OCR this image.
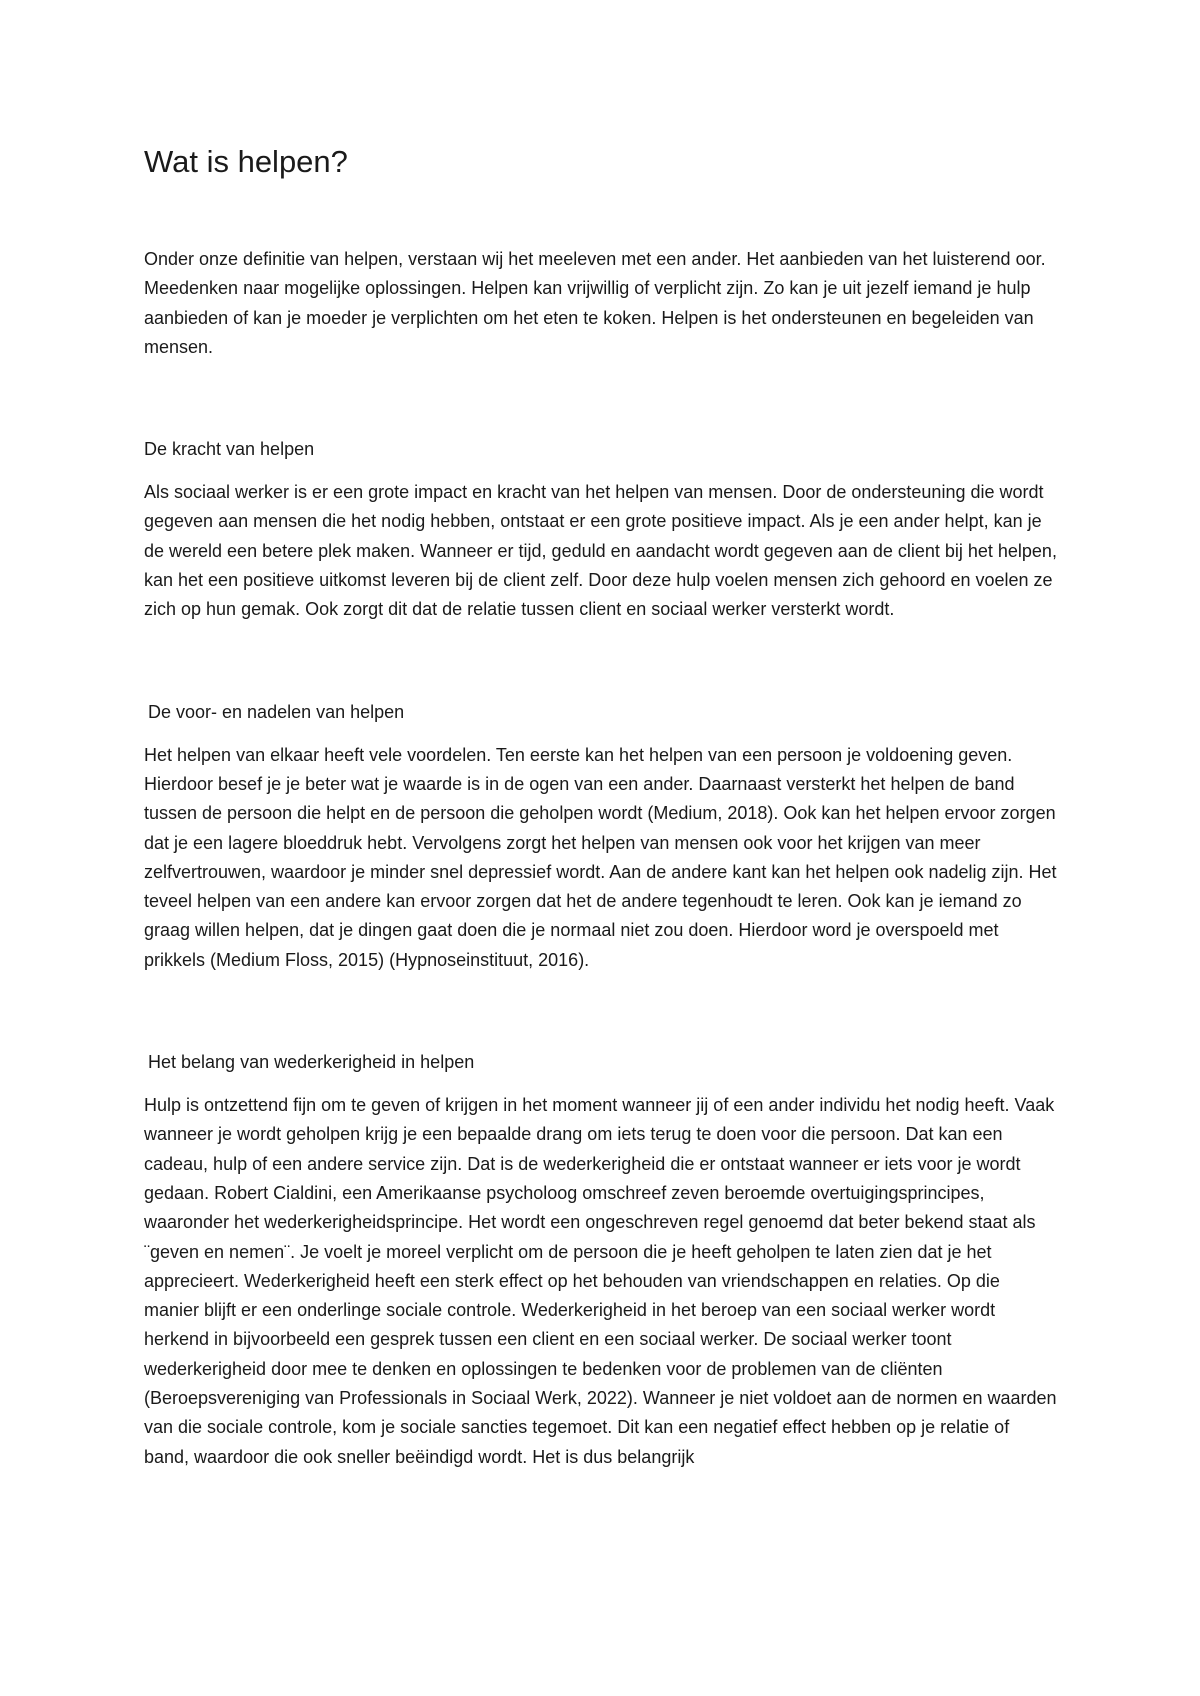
Wat is helpen?

Onder onze definitie van helpen, verstaan wij het meeleven met een ander. Het aanbieden van het luisterend oor. Meedenken naar mogelijke oplossingen. Helpen kan vrijwillig of verplicht zijn. Zo kan je uit jezelf iemand je hulp aanbieden of kan je moeder je verplichten om het eten te koken. Helpen is het ondersteunen en begeleiden van mensen.

De kracht van helpen

Als sociaal werker is er een grote impact en kracht van het helpen van mensen. Door de ondersteuning die wordt gegeven aan mensen die het nodig hebben, ontstaat er een grote positieve impact. Als je een ander helpt, kan je de wereld een betere plek maken. Wanneer er tijd, geduld en aandacht wordt gegeven aan de client bij het helpen, kan het een positieve uitkomst leveren bij de client zelf. Door deze hulp voelen mensen zich gehoord en voelen ze zich op hun gemak. Ook zorgt dit dat de relatie tussen client en sociaal werker versterkt wordt.

De voor- en nadelen van helpen

Het helpen van elkaar heeft vele voordelen. Ten eerste kan het helpen van een persoon je voldoening geven. Hierdoor besef je je beter wat je waarde is in de ogen van een ander. Daarnaast versterkt het helpen de band tussen de persoon die helpt en de persoon die geholpen wordt (Medium, 2018). Ook kan het helpen ervoor zorgen dat je een lagere bloeddruk hebt. Vervolgens zorgt het helpen van mensen ook voor het krijgen van meer zelfvertrouwen, waardoor je minder snel depressief wordt. Aan de andere kant kan het helpen ook nadelig zijn. Het teveel helpen van een andere kan ervoor zorgen dat het de andere tegenhoudt te leren. Ook kan je iemand zo graag willen helpen, dat je dingen gaat doen die je normaal niet zou doen. Hierdoor word je overspoeld met prikkels (Medium Floss, 2015) (Hypnoseinstituut, 2016).

Het belang van wederkerigheid in helpen

Hulp is ontzettend fijn om te geven of krijgen in het moment wanneer jij of een ander individu het nodig heeft. Vaak wanneer je wordt geholpen krijg je een bepaalde drang om iets terug te doen voor die persoon. Dat kan een cadeau, hulp of een andere service zijn. Dat is de wederkerigheid die er ontstaat wanneer er iets voor je wordt gedaan. Robert Cialdini, een Amerikaanse psycholoog omschreef zeven beroemde overtuigingsprincipes, waaronder het wederkerigheidsprincipe. Het wordt een ongeschreven regel genoemd dat beter bekend staat als ¨geven en nemen¨. Je voelt je moreel verplicht om de persoon die je heeft geholpen te laten zien dat je het apprecieert. Wederkerigheid heeft een sterk effect op het behouden van vriendschappen en relaties. Op die manier blijft er een onderlinge sociale controle. Wederkerigheid in het beroep van een sociaal werker wordt herkend in bijvoorbeeld een gesprek tussen een client en een sociaal werker. De sociaal werker toont wederkerigheid door mee te denken en oplossingen te bedenken voor de problemen van de cliënten (Beroepsvereniging van Professionals in Sociaal Werk, 2022). Wanneer je niet voldoet aan de normen en waarden van die sociale controle, kom je sociale sancties tegemoet. Dit kan een negatief effect hebben op je relatie of band, waardoor die ook sneller beëindigd wordt. Het is dus belangrijk
